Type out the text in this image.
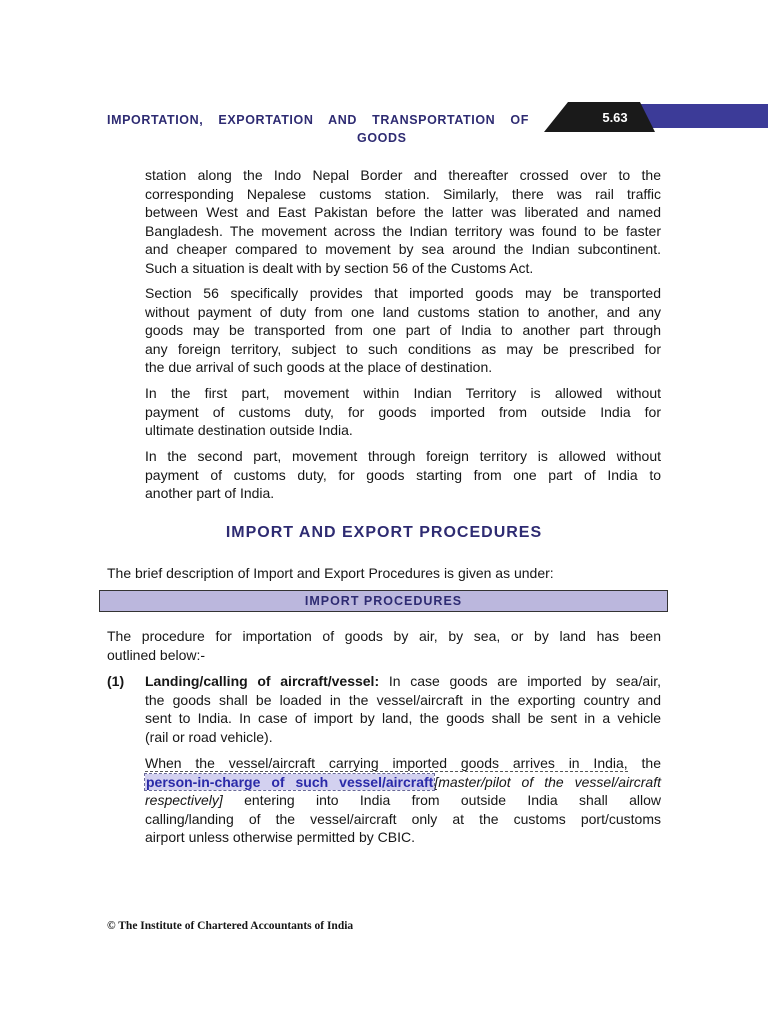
IMPORTATION, EXPORTATION AND TRANSPORTATION OF
GOODS
5.63
station along the Indo Nepal Border and thereafter crossed over to the
corresponding Nepalese customs station. Similarly, there was rail traffic
between West and East Pakistan before the latter was liberated and named
Bangladesh. The movement across the Indian territory was found to be faster
and cheaper compared to movement by sea around the Indian subcontinent.
Such a situation is dealt with by section 56 of the Customs Act.
Section 56 specifically provides that imported goods may be transported
without payment of duty from one land customs station to another, and any
goods may be transported from one part of India to another part through
any foreign territory, subject to such conditions as may be prescribed for
the due arrival of such goods at the place of destination.
In the first part, movement within Indian Territory is allowed without
payment of customs duty, for goods imported from outside India for
ultimate destination outside India.
In the second part, movement through foreign territory is allowed without
payment of customs duty, for goods starting from one part of India to
another part of India.
IMPORT AND EXPORT PROCEDURES
The brief description of Import and Export Procedures is given as under:
IMPORT PROCEDURES
The procedure for importation of goods by air, by sea, or by land has been
outlined below:-
(1) Landing/calling of aircraft/vessel: In case goods are imported by sea/air,
the goods shall be loaded in the vessel/aircraft in the exporting country and
sent to India. In case of import by land, the goods shall be sent in a vehicle
(rail or road vehicle).
When the vessel/aircraft carrying imported goods arrives in India, the
person-in-charge of such vessel/aircraft[master/pilot of the vessel/aircraft
respectively] entering into India from outside India shall allow
calling/landing of the vessel/aircraft only at the customs port/customs
airport unless otherwise permitted by CBIC.
© The Institute of Chartered Accountants of India
